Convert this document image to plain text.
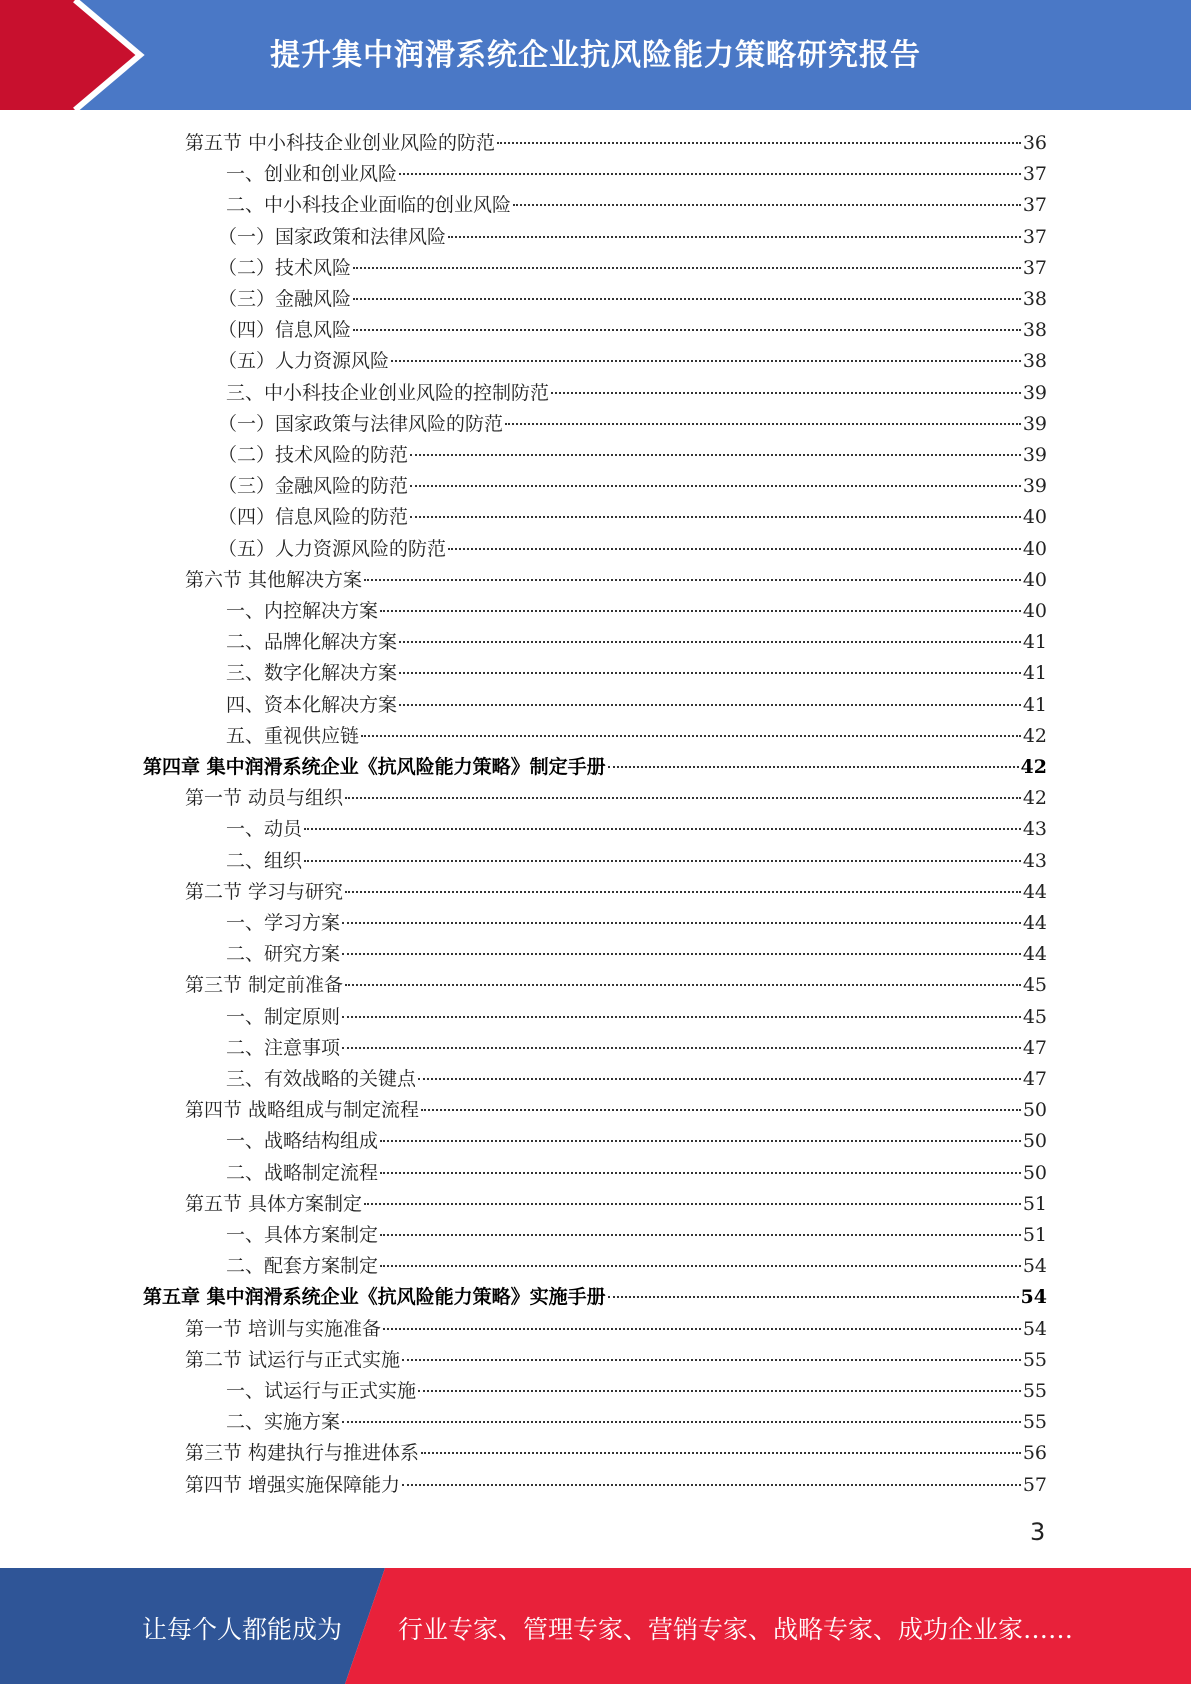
提升集中润滑系统企业抗风险能力策略研究报告
第五节 中小科技企业创业风险的防范	36
一、创业和创业风险	37
二、中小科技企业面临的创业风险	37
（一）国家政策和法律风险	37
（二）技术风险	37
（三）金融风险	38
（四）信息风险	38
（五）人力资源风险	38
三、中小科技企业创业风险的控制防范	39
（一）国家政策与法律风险的防范	39
（二）技术风险的防范	39
（三）金融风险的防范	39
（四）信息风险的防范	40
（五）人力资源风险的防范	40
第六节 其他解决方案	40
一、内控解决方案	40
二、品牌化解决方案	41
三、数字化解决方案	41
四、资本化解决方案	41
五、重视供应链	42
第四章 集中润滑系统企业《抗风险能力策略》制定手册	42
第一节 动员与组织	42
一、动员	43
二、组织	43
第二节 学习与研究	44
一、学习方案	44
二、研究方案	44
第三节 制定前准备	45
一、制定原则	45
二、注意事项	47
三、有效战略的关键点	47
第四节 战略组成与制定流程	50
一、战略结构组成	50
二、战略制定流程	50
第五节 具体方案制定	51
一、具体方案制定	51
二、配套方案制定	54
第五章 集中润滑系统企业《抗风险能力策略》实施手册	54
第一节 培训与实施准备	54
第二节 试运行与正式实施	55
一、试运行与正式实施	55
二、实施方案	55
第三节 构建执行与推进体系	56
第四节 增强实施保障能力	57
3
让每个人都能成为 行业专家、管理专家、营销专家、战略专家、成功企业家……
